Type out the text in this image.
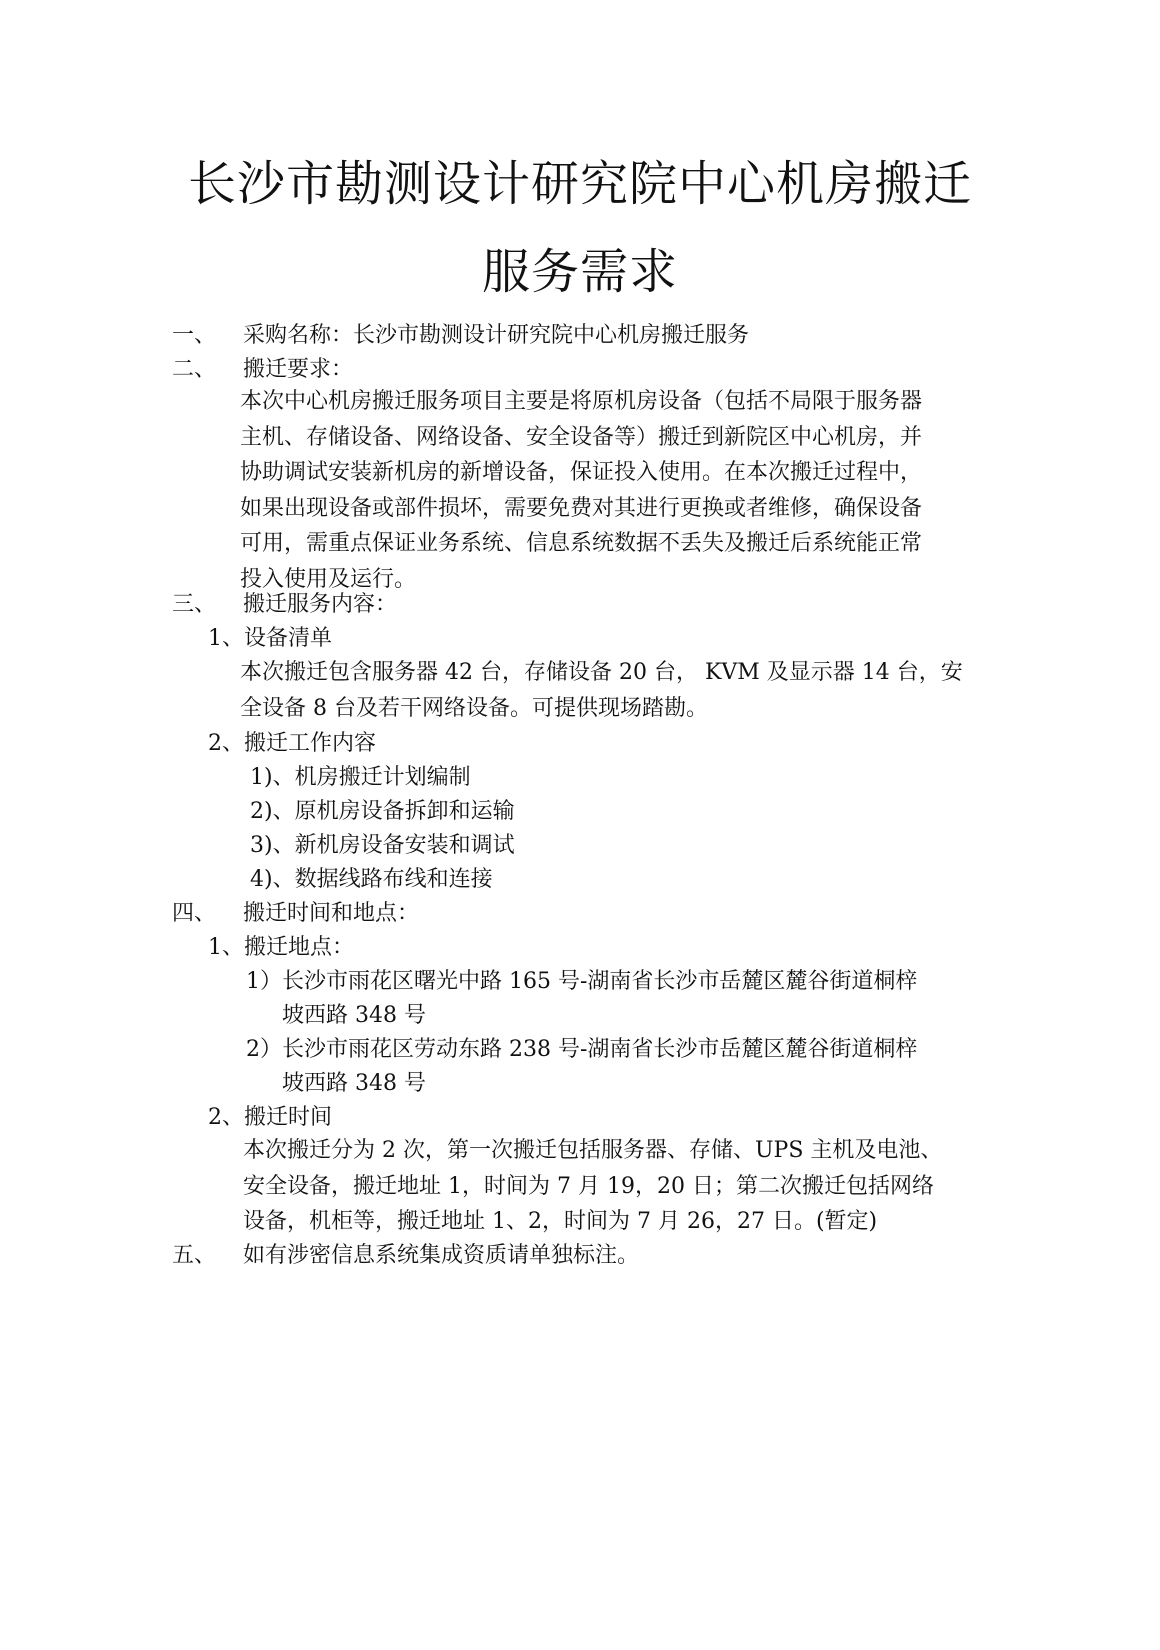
长沙市勘测设计研究院中心机房搬迁
服务需求
一、 采购名称：长沙市勘测设计研究院中心机房搬迁服务
二、 搬迁要求：
本次中心机房搬迁服务项目主要是将原机房设备（包括不局限于服务器
主机、存储设备、网络设备、安全设备等）搬迁到新院区中心机房，并
协助调试安装新机房的新增设备，保证投入使用。在本次搬迁过程中，
如果出现设备或部件损坏，需要免费对其进行更换或者维修，确保设备
可用，需重点保证业务系统、信息系统数据不丢失及搬迁后系统能正常
投入使用及运行。
三、 搬迁服务内容：
1、设备清单
本次搬迁包含服务器 42 台，存储设备 20 台， KVM 及显示器 14 台，安
全设备 8 台及若干网络设备。可提供现场踏勘。
2、搬迁工作内容
1)、机房搬迁计划编制
2)、原机房设备拆卸和运输
3)、新机房设备安装和调试
4)、数据线路布线和连接
四、 搬迁时间和地点：
1、搬迁地点：
1）长沙市雨花区曙光中路 165 号-湖南省长沙市岳麓区麓谷街道桐梓
坡西路 348 号
2）长沙市雨花区劳动东路 238 号-湖南省长沙市岳麓区麓谷街道桐梓
坡西路 348 号
2、搬迁时间
本次搬迁分为 2 次，第一次搬迁包括服务器、存储、UPS 主机及电池、
安全设备，搬迁地址 1，时间为 7 月 19，20 日；第二次搬迁包括网络
设备，机柜等，搬迁地址 1、2，时间为 7 月 26，27 日。(暂定)
五、 如有涉密信息系统集成资质请单独标注。
